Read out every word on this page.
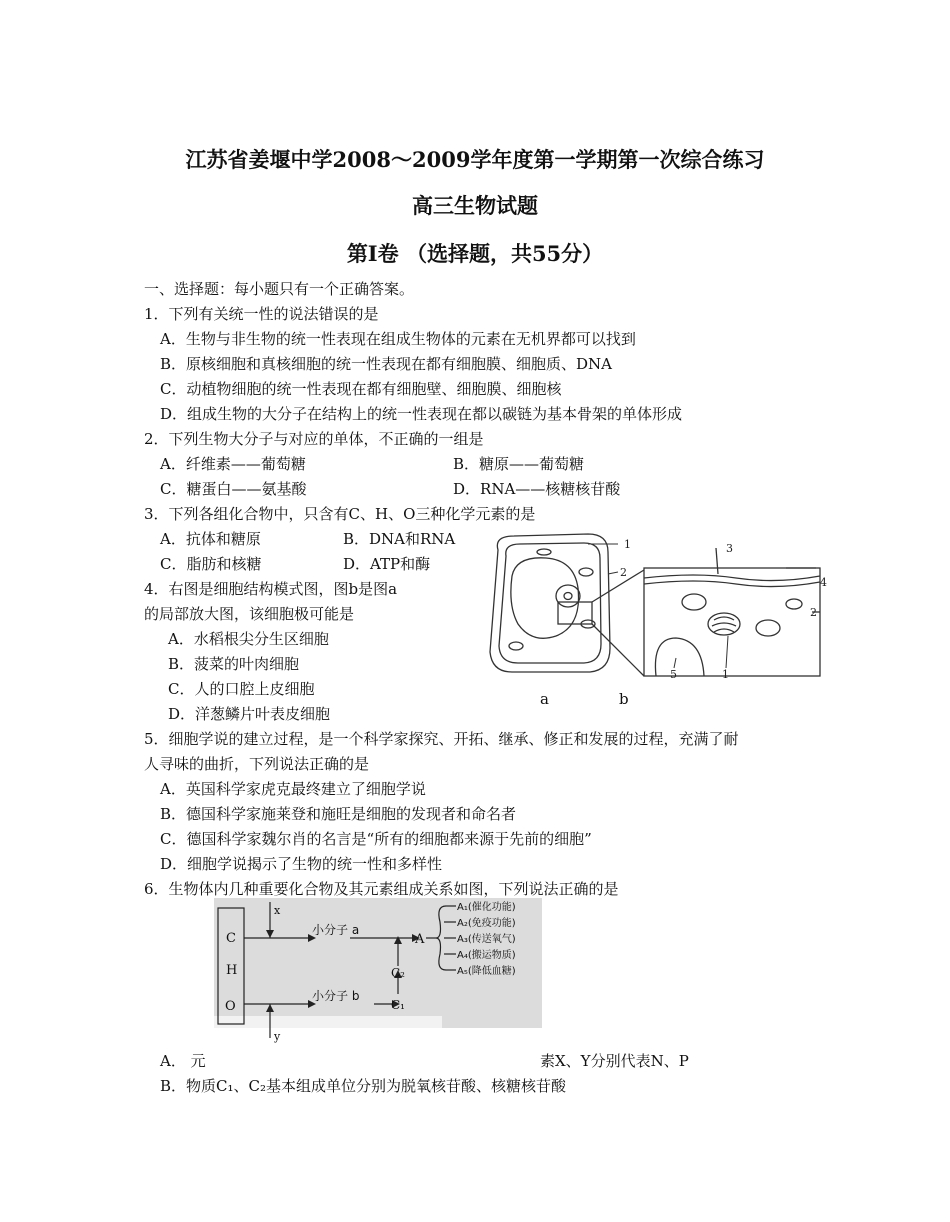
江苏省姜堰中学2008～2009学年度第一学期第一次综合练习
高三生物试题
第Ⅰ卷 （选择题，共55分）
一、选择题：每小题只有一个正确答案。
1．下列有关统一性的说法错误的是
A．生物与非生物的统一性表现在组成生物体的元素在无机界都可以找到
B．原核细胞和真核细胞的统一性表现在都有细胞膜、细胞质、DNA
C．动植物细胞的统一性表现在都有细胞壁、细胞膜、细胞核
D．组成生物的大分子在结构上的统一性表现在都以碳链为基本骨架的单体形成
2．下列生物大分子与对应的单体，不正确的一组是
A．纤维素——葡萄糖	B．糖原——葡萄糖
C．糖蛋白——氨基酸	D．RNA——核糖核苷酸
3．下列各组化合物中，只含有C、H、O三种化学元素的是
A．抗体和糖原	B．DNA和RNA
C．脂肪和核糖	D．ATP和酶
4．右图是细胞结构模式图，图b是图a
的局部放大图，该细胞极可能是
A．水稻根尖分生区细胞
B．菠菜的叶肉细胞
C．人的口腔上皮细胞
D．洋葱鳞片叶表皮细胞
1
2
3
4
2
5	1
a	b
5．细胞学说的建立过程，是一个科学家探究、开拓、继承、修正和发展的过程，充满了耐
人寻味的曲折，下列说法正确的是
A．英国科学家虎克最终建立了细胞学说
B．德国科学家施莱登和施旺是细胞的发现者和命名者
C．德国科学家魏尔肖的名言是“所有的细胞都来源于先前的细胞”
D．细胞学说揭示了生物的统一性和多样性
6．生物体内几种重要化合物及其元素组成关系如图，下列说法正确的是
C
H
O
x
y
小分子 a
小分子 b
A
C₁
C₂
A₁(催化功能)
A₂(免疫功能)
A₃(传送氧气)
A₄(搬运物质)
A₅(降低血糖)
A． 元	素X、Y分别代表N、P
B．物质C₁、C₂基本组成单位分别为脱氧核苷酸、核糖核苷酸
